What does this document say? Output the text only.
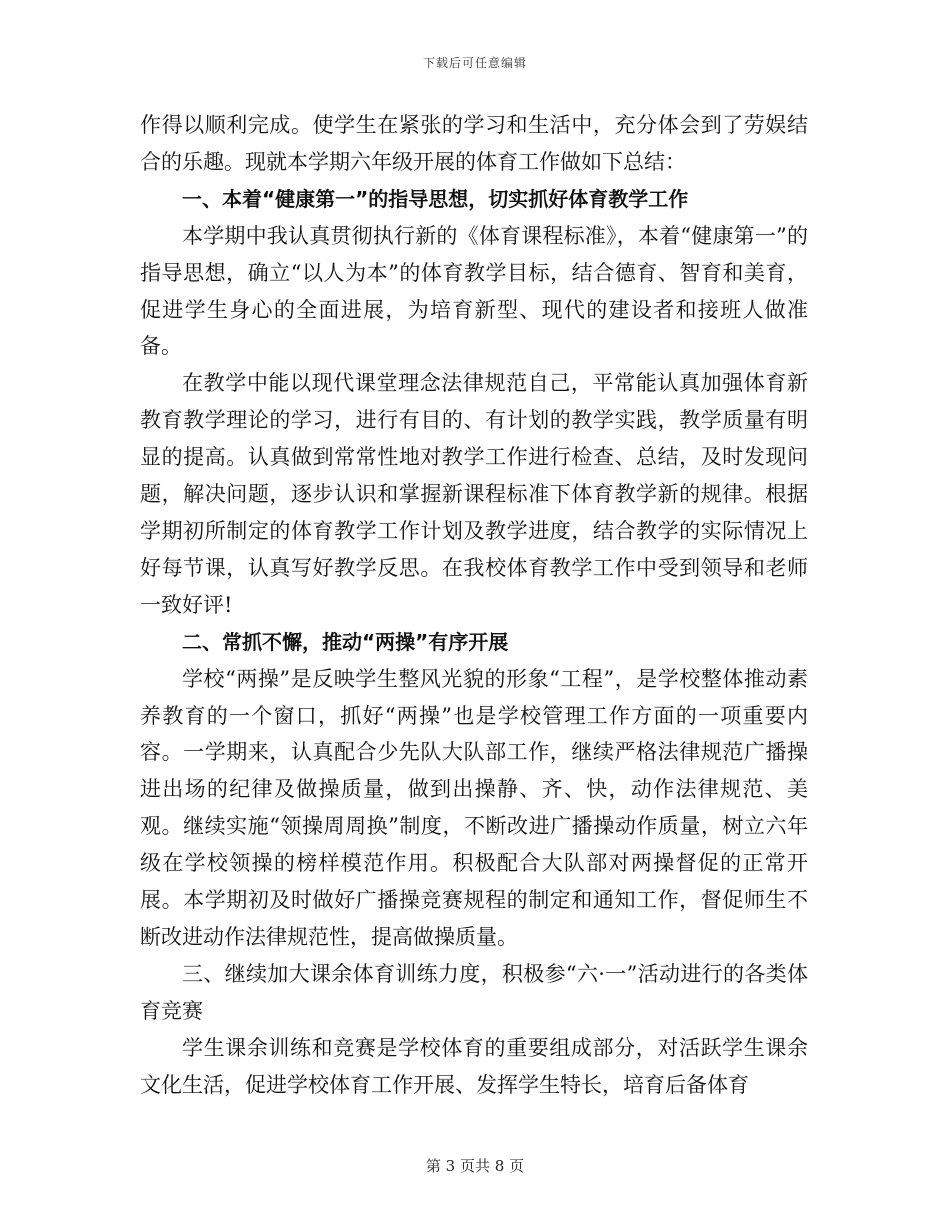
下载后可任意编辑

作得以顺利完成。使学生在紧张的学习和生活中，充分体会到了劳娱结合的乐趣。现就本学期六年级开展的体育工作做如下总结：

一、本着“健康第一”的指导思想，切实抓好体育教学工作

本学期中我认真贯彻执行新的《体育课程标准》，本着“健康第一”的指导思想，确立“以人为本”的体育教学目标，结合德育、智育和美育，促进学生身心的全面进展，为培育新型、现代的建设者和接班人做准备。

在教学中能以现代课堂理念法律规范自己，平常能认真加强体育新教育教学理论的学习，进行有目的、有计划的教学实践，教学质量有明显的提高。认真做到常常性地对教学工作进行检查、总结，及时发现问题，解决问题，逐步认识和掌握新课程标准下体育教学新的规律。根据学期初所制定的体育教学工作计划及教学进度，结合教学的实际情况上好每节课，认真写好教学反思。在我校体育教学工作中受到领导和老师一致好评!

二、常抓不懈，推动“两操”有序开展

学校“两操”是反映学生整风光貌的形象“工程”，是学校整体推动素养教育的一个窗口，抓好“两操”也是学校管理工作方面的一项重要内容。一学期来，认真配合少先队大队部工作，继续严格法律规范广播操进出场的纪律及做操质量，做到出操静、齐、快，动作法律规范、美观。继续实施“领操周周换”制度，不断改进广播操动作质量，树立六年级在学校领操的榜样模范作用。积极配合大队部对两操督促的正常开展。本学期初及时做好广播操竞赛规程的制定和通知工作，督促师生不断改进动作法律规范性，提高做操质量。

三、继续加大课余体育训练力度，积极参“六·一”活动进行的各类体育竞赛

学生课余训练和竞赛是学校体育的重要组成部分，对活跃学生课余文化生活，促进学校体育工作开展、发挥学生特长，培育后备体育

第 3 页共 8 页
